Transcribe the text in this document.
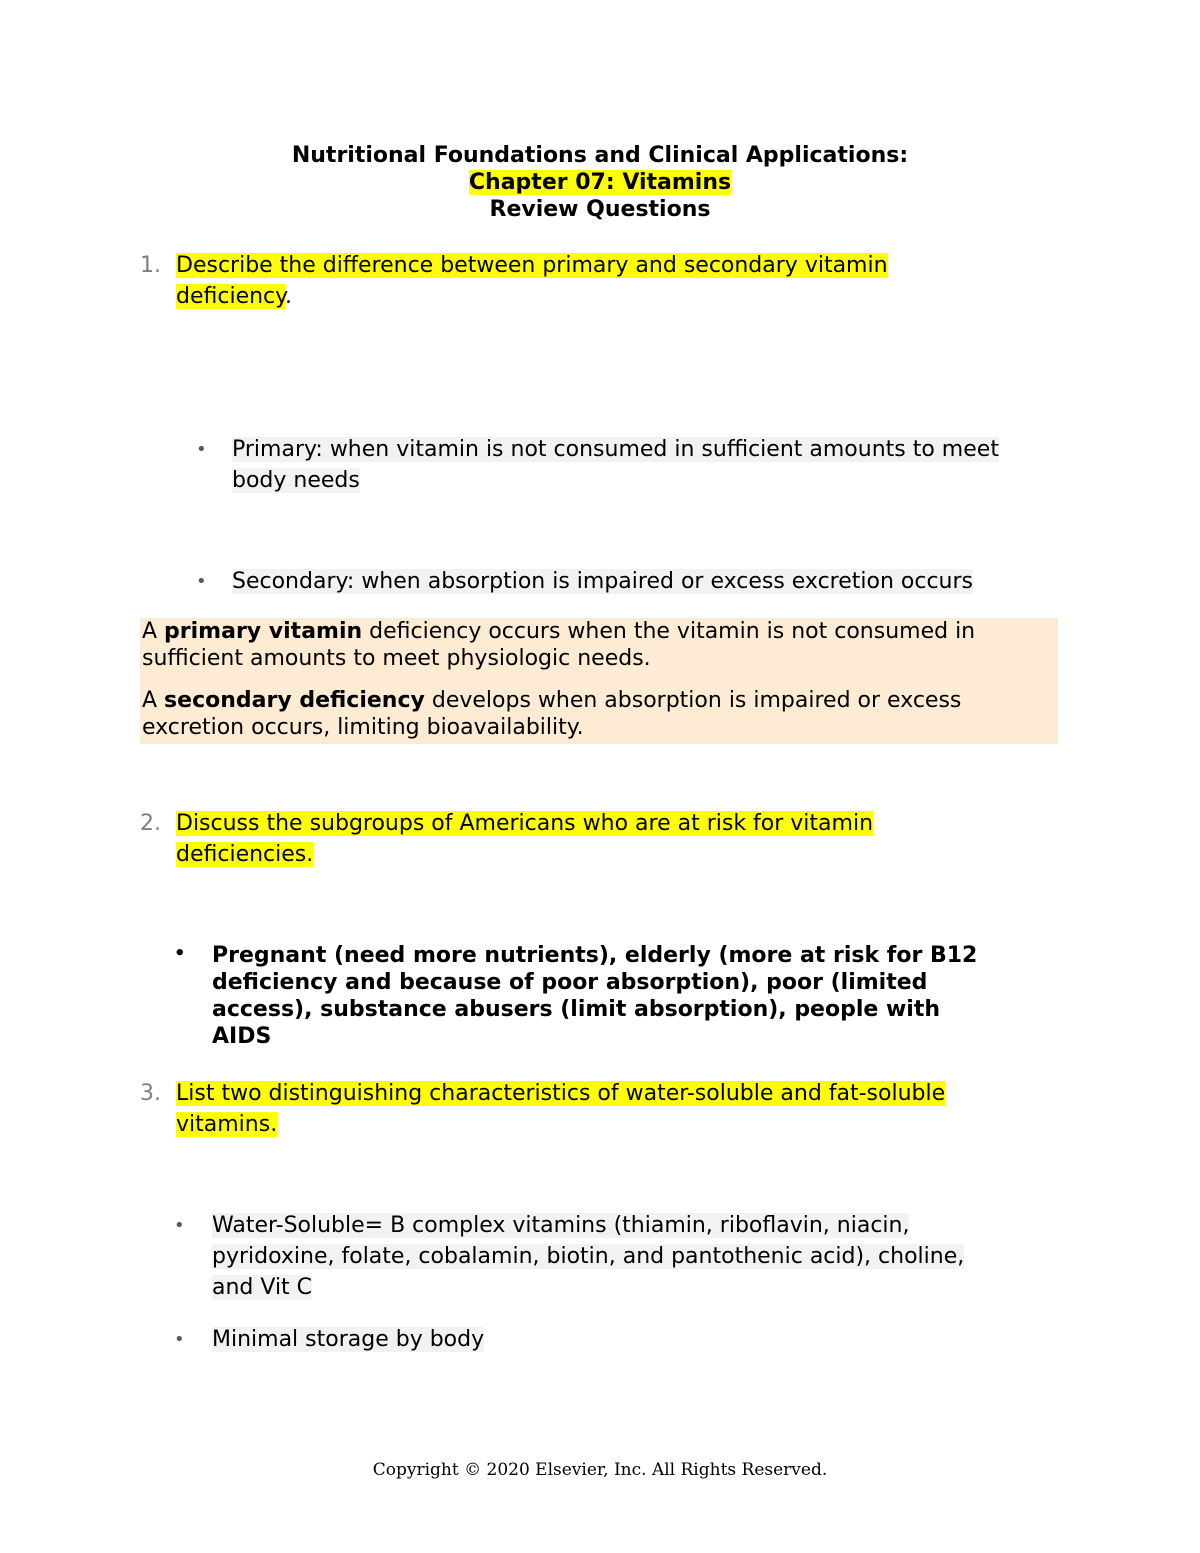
Nutritional Foundations and Clinical Applications:
Chapter 07: Vitamins
Review Questions
1. Describe the difference between primary and secondary vitamin
deficiency.
• Primary: when vitamin is not consumed in sufficient amounts to meet
body needs
• Secondary: when absorption is impaired or excess excretion occurs

A primary vitamin deficiency occurs when the vitamin is not consumed in sufficient amounts to meet physiologic needs.

A secondary deficiency develops when absorption is impaired or excess excretion occurs, limiting bioavailability.

2. Discuss the subgroups of Americans who are at risk for vitamin
deficiencies.
• Pregnant (need more nutrients), elderly (more at risk for B12
deficiency and because of poor absorption), poor (limited
access), substance abusers (limit absorption), people with
AIDS
3. List two distinguishing characteristics of water-soluble and fat-soluble
vitamins.
• Water-Soluble= B complex vitamins (thiamin, riboflavin, niacin,
pyridoxine, folate, cobalamin, biotin, and pantothenic acid), choline,
and Vit C
• Minimal storage by body
Copyright © 2020 Elsevier, Inc. All Rights Reserved.
